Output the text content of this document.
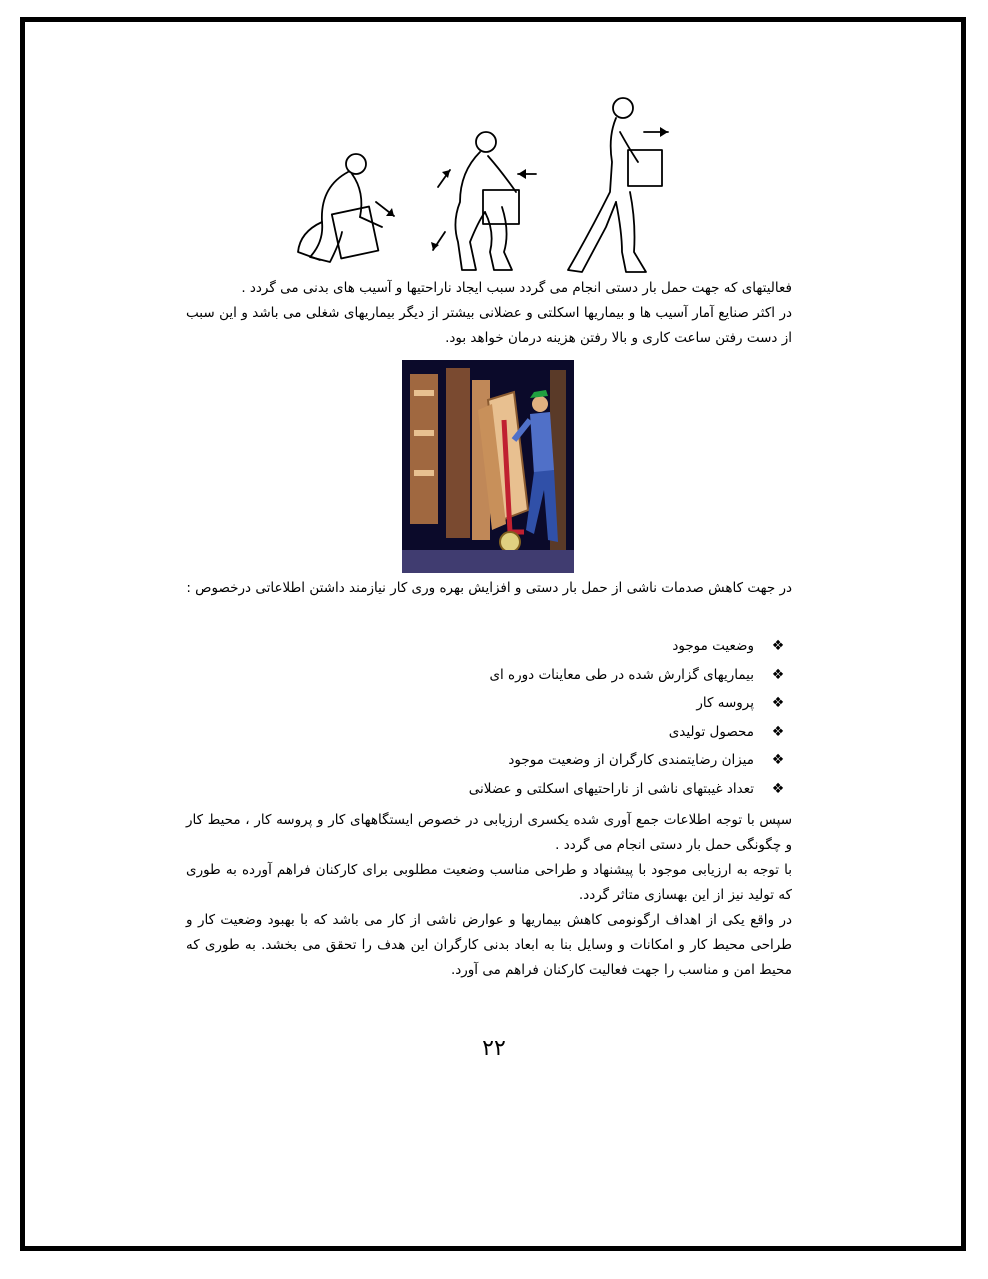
فعالیتهای که جهت حمل بار دستی انجام می گردد سبب ایجاد ناراحتیها و آسیب های بدنی می گردد .

در اکثر صنایع آمار آسیب ها و بیماریها اسکلتی و عضلانی بیشتر از دیگر بیماریهای شغلی می باشد و این سبب از دست رفتن ساعت کاری و بالا رفتن هزینه درمان خواهد بود.

در جهت کاهش صدمات ناشی از حمل بار دستی و افزایش بهره وری کار نیازمند داشتن اطلاعاتی درخصوص :

❖
وضعیت موجود
❖
بیماریهای گزارش شده در طی معاینات دوره ای
❖
پروسه کار
❖
محصول تولیدی
❖
میزان رضایتمندی کارگران از وضعیت موجود
❖
تعداد غیبتهای ناشی از ناراحتیهای اسکلتی و عضلانی

سپس با توجه اطلاعات جمع آوری شده یکسری ارزیابی در خصوص ایستگاههای کار و پروسه کار ، محیط کار و چگونگی حمل بار دستی انجام می گردد .

با توجه به ارزیابی موجود با پیشنهاد و طراحی مناسب وضعیت مطلوبی برای کارکنان فراهم آورده به طوری که تولید نیز از این بهسازی متاثر گردد.

در واقع یکی از اهداف ارگونومی کاهش بیماریها و عوارض ناشی از کار می باشد که با بهبود وضعیت کار و طراحی محیط کار و امکانات و وسایل بنا به ابعاد بدنی کارگران این هدف را تحقق می بخشد. به طوری که محیط امن و مناسب را جهت فعالیت کارکنان فراهم می آورد.

۲۲
